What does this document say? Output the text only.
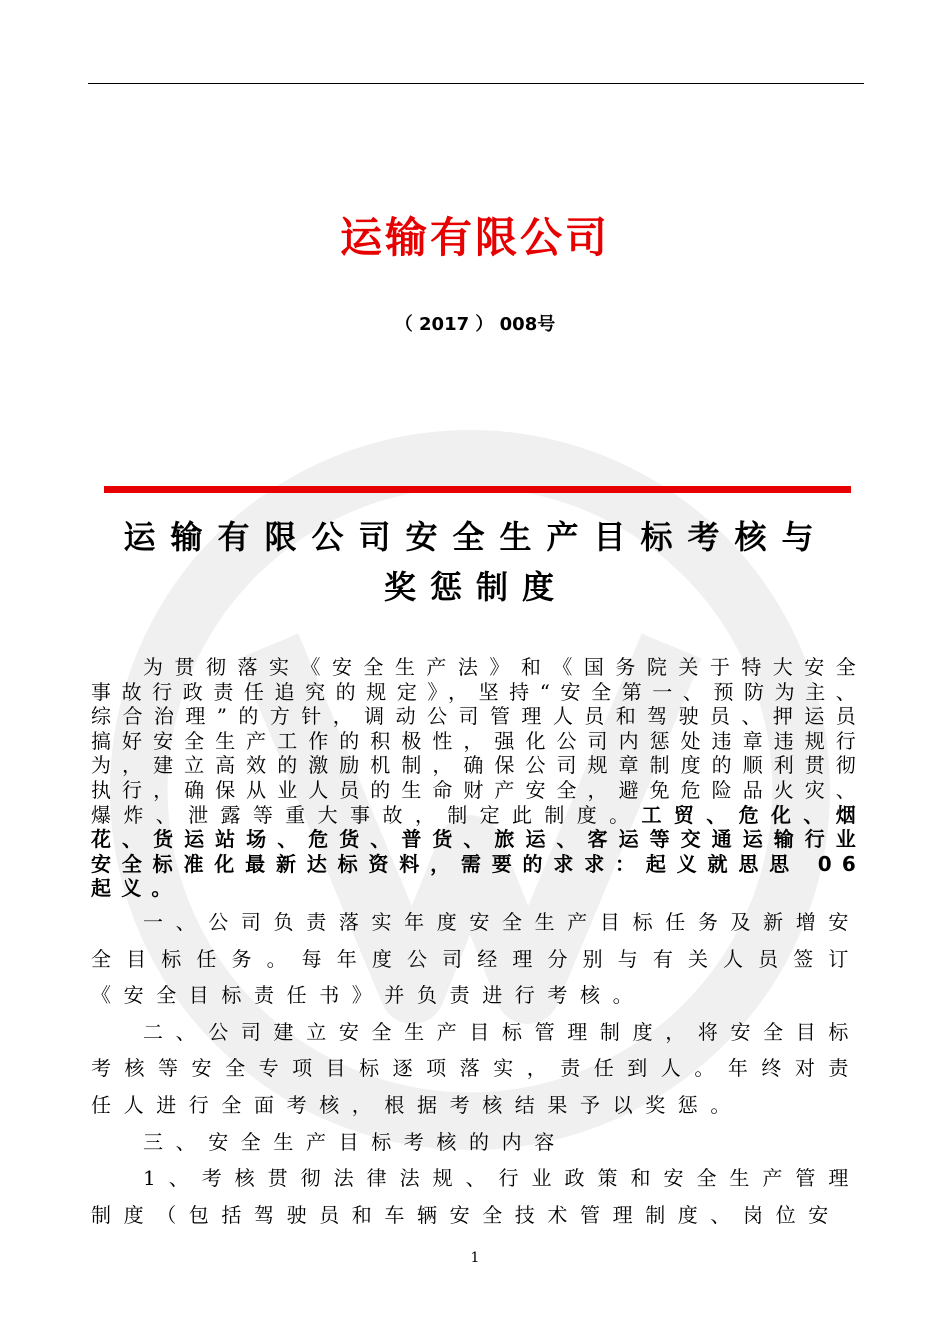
运输有限公司
（ 2017 ） 008号
运输有限公司安全生产目标考核与
奖惩制度
为贯彻落实《安全生产法》和《国务院关于特大安全事故行政责任追究的规定》，坚持“安全第一、预防为主、综合治理”的方针，调动公司管理人员和驾驶员、押运员搞好安全生产工作的积极性，强化公司内惩处违章违规行为，建立高效的激励机制，确保公司规章制度的顺利贯彻执行，确保从业人员的生命财产安全，避免危险品火灾、爆炸、泄露等重大事故，制定此制度。工贸、危化、烟花、货运站场、危货、普货、旅运、客运等交通运输行业安全标准化最新达标资料，需要的求求：起义就思思 06 起义。

一、公司负责落实年度安全生产目标任务及新增安全目标任务。每年度公司经理分别与有关人员签订《安全目标责任书》并负责进行考核。

二、公司建立安全生产目标管理制度，将安全目标考核等安全专项目标逐项落实，责任到人。年终对责任人进行全面考核，根据考核结果予以奖惩。

三、安全生产目标考核的内容

1、考核贯彻法律法规、行业政策和安全生产管理制度（包括驾驶员和车辆安全技术管理制度、岗位安

1
